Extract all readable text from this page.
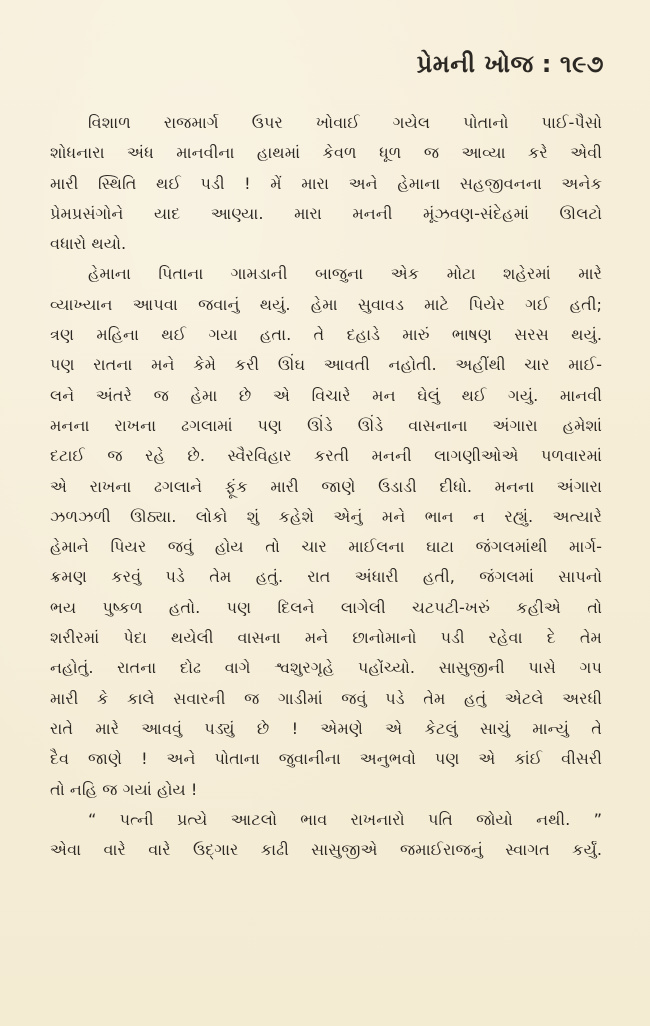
પ્રેમની ખોજ : ૧૯૭
વિશાળ રાજમાર્ગ ઉપર ખોવાઈ ગયેલ પોતાનો પાઈ-પૈસો
શોધનારા અંધ માનવીના હાથમાં કેવળ ધૂળ જ આવ્યા કરે એવી
મારી સ્થિતિ થઈ પડી ! મેં મારા અને હેમાના સહજીવનના અનેક
પ્રેમપ્રસંગોને યાદ આણ્યા. મારા મનની મૂંઝવણ-સંદેહમાં ઊલટો
વધારો થયો.
હેમાના પિતાના ગામડાની બાજુના એક મોટા શહેરમાં મારે
વ્યાખ્યાન આપવા જવાનું થયું. હેમા સુવાવડ માટે પિયેર ગઈ હતી;
ત્રણ મહિના થઈ ગયા હતા. તે દહાડે મારું ભાષણ સરસ થયું.
પણ રાતના મને કેમે કરી ઊંઘ આવતી નહોતી. અહીંથી ચાર માઈ-
લને અંતરે જ હેમા છે એ વિચારે મન ઘેલું થઈ ગયું. માનવી
મનના રાખના ઢગલામાં પણ ઊંડે ઊંડે વાસનાના અંગારા હમેશાં
દટાઈ જ રહે છે. સ્વૈરવિહાર કરતી મનની લાગણીઓએ પળવારમાં
એ રાખના ઢગલાને ફૂંક મારી જાણે ઉડાડી દીધો. મનના અંગારા
ઝળઝળી ઊઠ્યા. લોકો શું કહેશે એનું મને ભાન ન રહ્યું. અત્યારે
હેમાને પિયર જવું હોય તો ચાર માઈલના ઘાટા જંગલમાંથી માર્ગ-
ક્રમણ કરવું પડે તેમ હતું. રાત અંધારી હતી, જંગલમાં સાપનો
ભય પુષ્કળ હતો. પણ દિલને લાગેલી ચટપટી-ખરું કહીએ તો
શરીરમાં પેદા થયેલી વાસના મને છાનોમાનો પડી રહેવા દે તેમ
નહોતું. રાતના દોઢ વાગે શ્વશુરગૃહે પહોંચ્યો. સાસુજીની પાસે ગપ
મારી કે કાલે સવારની જ ગાડીમાં જવું પડે તેમ હતું એટલે અરધી
રાતે મારે આવવું પડ્યું છે ! એમણે એ કેટલું સાચું માન્યું તે
દૈવ જાણે ! અને પોતાના જુવાનીના અનુભવો પણ એ કાંઈ વીસરી
તો નહિ જ ગયાં હોય !
“ પત્ની પ્રત્યે આટલો ભાવ રાખનારો પતિ જોયો નથી. ”
એવા વારે વારે ઉદ્ગાર કાઢી સાસુજીએ જમાઈરાજનું સ્વાગત કર્યું.
